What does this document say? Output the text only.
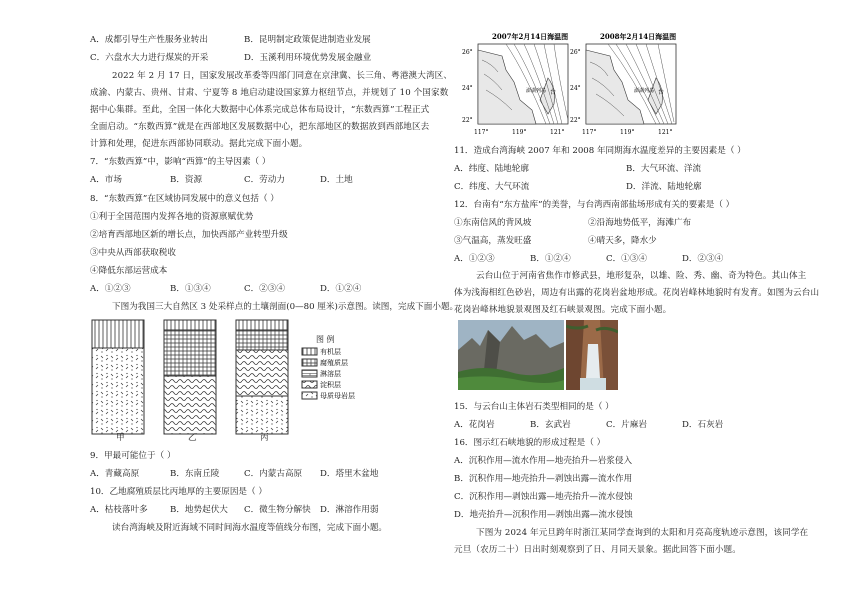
A．成都引导生产性服务业转出	B．昆明制定政策促进制造业发展
C．六盘水大力进行煤炭的开采	D．玉溪利用环境优势发展金融业
2022 年 2 月 17 日，国家发展改革委等四部门同意在京津冀、长三角、粤港澳大湾区、
成渝、内蒙古、贵州、甘肃、宁夏等 8 地启动建设国家算力枢纽节点，并规划了 10 个国家数
据中心集群。至此，全国一体化大数据中心体系完成总体布局设计，“东数西算”工程正式
全面启动。“东数西算”就是在西部地区发展数据中心，把东部地区的数据放到西部地区去
计算和处理，促进东西部协同联动。据此完成下面小题。
7．“东数西算”中，影响“西算”的主导因素（ ）
A．市场	B．资源	C．劳动力	D．土地
8．“东数西算”在区域协同发展中的意义包括（ ）
①利于全国范围内发挥各地的资源禀赋优势
②培育西部地区新的增长点，加快西部产业转型升级
③中央从西部获取税收
④降低东部运营成本
A．①②③	B．①③④	C．②③④	D．①②④
下图为我国三大自然区 3 处采样点的土壤剖面(0—80 厘米)示意图。读图，完成下面小题。
图 例
有机层
腐殖质层
淋溶层
淀积层
母质母岩层
甲	乙	丙
9．甲最可能位于（ ）
A．青藏高原	B．东南丘陵	C．内蒙古高原 D．塔里木盆地
10．乙地腐殖质层比丙地厚的主要原因是（ ）
A．枯枝落叶多	B．地势起伏大 C．微生物分解快 D．淋溶作用弱
读台湾海峡及附近海域不同时间海水温度等值线分布图，完成下面小题。
2007年2月14日海温图
台
澎湖列岛
26°
24°
22°
117°	119°	121°
2008年2月14日海温图
台
澎湖列岛
26°
24°
22°
117°	119°	121°
11．造成台湾海峡 2007 年和 2008 年同期海水温度差异的主要因素是（ ）
A．纬度、陆地轮廓	B．大气环流、洋流
C．纬度、大气环流	D．洋流、陆地轮廓
12．台南有“东方盐库”的美誉，与台湾西南部盐场形成有关的要素是（ ）
①东南信风的背风坡	②沿海地势低平，海滩广布
③气温高，蒸发旺盛	④晴天多，降水少
A．①②③	B．①②④	C．①③④	D．②③④
云台山位于河南省焦作市修武县，地形复杂，以雄、险、秀、幽、奇为特色。其山体主
体为浅海相红色砂岩，周边有出露的花岗岩盆地形成。花岗岩峰林地貌时有发育。如图为云台山
花岗岩峰林地貌景观图及红石峡景观图。完成下面小题。
15．与云台山主体岩石类型相同的是（ ）
A．花岗岩	B．玄武岩	C．片麻岩	D．石灰岩
16．图示红石峡地貌的形成过程是（ ）
A．沉积作用—流水作用—地壳抬升—岩浆侵入
B．沉积作用—地壳抬升—剥蚀出露—流水作用
C．沉积作用—剥蚀出露—地壳抬升—流水侵蚀
D．地壳抬升—沉积作用—剥蚀出露—流水侵蚀
下图为 2024 年元旦跨年时浙江某同学查询到的太阳和月亮高度轨迹示意图，该同学在
元旦（农历二十）日出时刻观察到了日、月同天景象。据此回答下面小题。
